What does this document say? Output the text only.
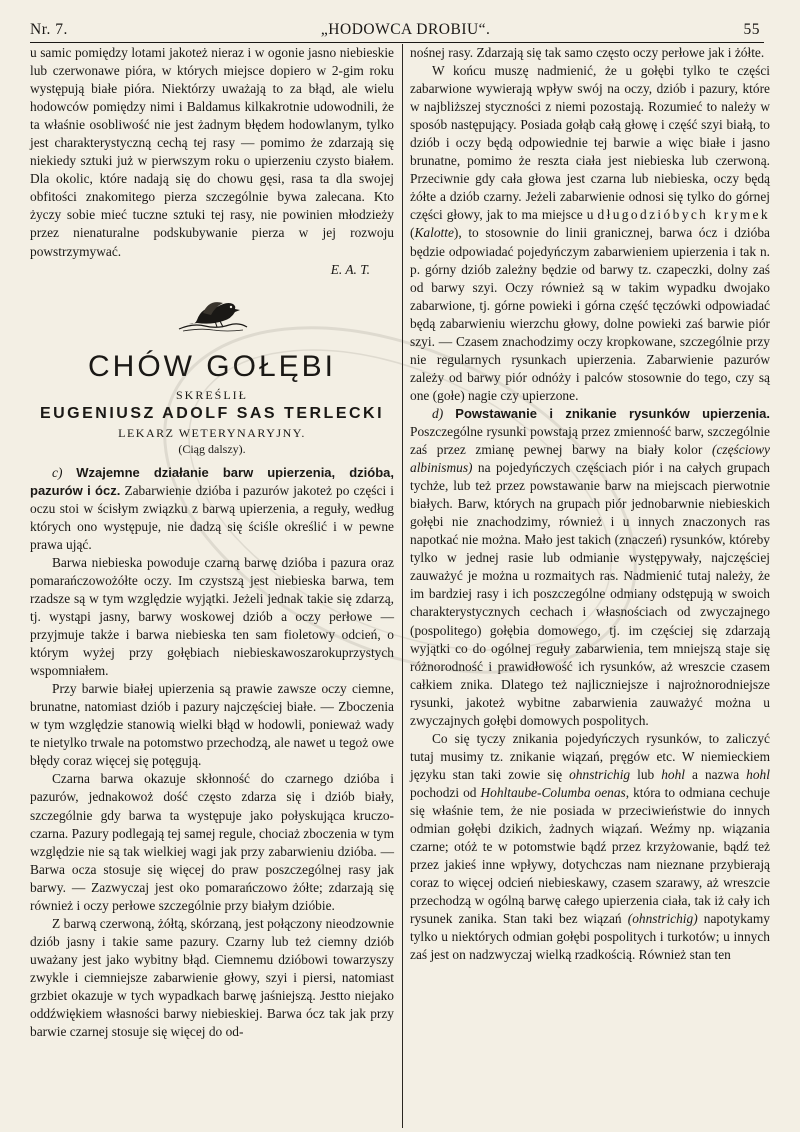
Nr. 7.	„HODOWCA DROBIU“.	55

u samic pomiędzy lotami jakotеż nieraz i w ogonie jasno niebieskie lub czerwonawe pióra, w których miejsce dopiero w 2-gim roku występują białe pióra. Niektórzy uważają to za błąd, ale wielu hodowców pomiędzy nimi i Baldamus kilkakrotnie udowodnili, że ta właśnie osobliwość nie jest żadnym błędem hodowlanym, tylko jest charakterystyczną cechą tej rasy — pomimo że zdarzają się niekiedy sztuki już w pierwszym roku o upierzeniu czysto białem. Dla okolic, które nadają się do chowu gęsi, rasa ta dla swojej obfitości znakomitego pierza szczególnie bywa zalecana. Kto życzy sobie mieć tuczne sztuki tej rasy, nie powinien młodzieży przez nienaturalne podskubywanie pierza w jej rozwoju powstrzymywać.

E. A. T.

CHÓW GOŁĘBI
SKREŚLIŁ
EUGENIUSZ ADOLF SAS TERLECKI
LEKARZ WETERYNARYJNY.
(Ciąg dalszy).

c) Wzajemne działanie barw upierzenia, dzióba, pazurów i ócz. Zabarwienie dzióba i pazurów jakotеż po części i oczu stoi w ścisłym związku z barwą upierzenia, a reguły, według których ono występuje, nie dadzą się ściśle określić i w pewne prawa ująć.

Barwa niebieska powoduje czarną barwę dzióba i pazura oraz pomarańczowożółte oczy. Im czystszą jest niebieska barwa, tem rzadsze są w tym względzie wyjątki. Jeżeli jednak takie się zdarzą, tj. wystąpi jasny, barwy woskowej dziób a oczy perłowe — przyjmuje także i barwa niebieska ten sam fioletowy odcień, o którym wyżej przy gołębiach niebieskawoszarokuprzystych wspomniałem.

Przy barwie białej upierzenia są prawie zawsze oczy ciemne, brunatne, natomiast dziób i pazury najczęściej białe. — Zboczenia w tym względzie stanowią wielki błąd w hodowli, ponieważ wady te nietylko trwale na potomstwo przechodzą, ale nawet u tegoż owe błędy coraz więcej się potęgują.

Czarna barwa okazuje skłonność do czarnego dzióba i pazurów, jednakowoż dość często zdarza się i dziób biały, szczególnie gdy barwa ta występuje jako połyskująca kruczo-czarna. Pazury podlegają tej samej regule, chociaż zboczenia w tym względzie nie są tak wielkiej wagi jak przy zabarwieniu dzióba. — Barwa ocza stosuje się więcej do praw poszczególnej rasy jak barwy. — Zazwyczaj jest oko pomarańczowo żółte; zdarzają się również i oczy perłowe szczególnie przy białym dzióbie.

Z barwą czerwoną, żółtą, skórzaną, jest połączony nieodzownie dziób jasny i takie same pazury. Czarny lub też ciemny dziób uważany jest jako wybitny błąd. Ciemnemu dzióbowi towarzyszy zwykle i ciemniejsze zabarwienie głowy, szyi i piersi, natomiast grzbiet okazuje w tych wypadkach barwę jaśniejszą. Jestto niejako oddźwiękiem własności barwy niebieskiej. Barwa ócz tak jak przy barwie czarnej stosuje się więcej do od-

nośnej rasy. Zdarzają się tak samo często oczy perłowe jak i żółte.

W końcu muszę nadmienić, że u gołębi tylko te części zabarwione wywierają wpływ swój na oczy, dziób i pazury, które w najbliższej styczności z niemi pozostają. Rozumieć to należy w sposób następujący. Posiada gołąb całą głowę i część szyi białą, to dziób i oczy będą odpowiednie tej barwie a więc białe i jasno brunatne, pomimo że reszta ciała jest niebieska lub czerwoną. Przeciwnie gdy cała głowa jest czarna lub niebieska, oczy będą żółte a dziób czarny. Jeżeli zabarwienie odnosi się tylko do górnej części głowy, jak to ma miejsce u długodzióbych krymek (Kalotte), to stosownie do linii granicznej, barwa ócz i dzióba będzie odpowiadać pojedyńczym zabarwieniem upierzenia i tak n. p. górny dziób zależny będzie od barwy tz. czapeczki, dolny zaś od barwy szyi. Oczy również są w takim wypadku dwojako zabarwione, tj. górne powieki i górna część tęczówki odpowiadać będą zabarwieniu wierzchu głowy, dolne powieki zaś barwie piór szyi. — Czasem znachodzimy oczy kropkowane, szczególnie przy nie regularnych rysunkach upierzenia. Zabarwienie pazurów zależy od barwy piór odnóży i palców stosownie do tego, czy są one (gołe) nagie czy upierzone.

d) Powstawanie i znikanie rysunków upierzenia. Poszczególne rysunki powstają przez zmienność barw, szczególnie zaś przez zmianę pewnej barwy na biały kolor (częściowy albinismus) na pojedyńczych częściach piór i na całych grupach tychże, lub też przez powstawanie barw na miejscach pierwotnie białych. Barw, których na grupach piór jednobarwnie niebieskich gołębi nie znachodzimy, również i u innych znaczonych ras napotkać nie można. Mało jest takich (znaczeń) rysunków, któreby tylko w jednej rasie lub odmianie występywały, najczęściej zauważyć je można u rozmaitych ras. Nadmienić tutaj należy, że im bardziej rasy i ich poszczególne odmiany odstępują w swoich charakterystycznych cechach i własnościach od zwyczajnego (pospolitego) gołębia domowego, tj. im częściej się zdarzają wyjątki co do ogólnej reguły zabarwienia, tem mniejszą staje się różnorodność i prawidłowość ich rysunków, aż wreszcie czasem całkiem znika. Dlatego też najliczniejsze i najrożnorodniejsze rysunki, jakotеż wybitne zabarwienia zauważyć można u zwyczajnych gołębi domowych pospolitych.

Co się tyczy znikania pojedyńczych rysunków, to zaliczyć tutaj musimy tz. znikanie wiązań, pręgów etc. W niemieckiem języku stan taki zowie się ohnstrichig lub hohl a nazwa hohl pochodzi od Hohltaube-Columba oenas, która to odmiana cechuje się właśnie tem, że nie posiada w przeciwieństwie do innych odmian gołębi dzikich, żadnych wiązań. Weźmy np. wiązania czarne; otóż te w potomstwie bądź przez krzyżowanie, bądź też przez jakieś inne wpływy, dotychczas nam nieznane przybierają coraz to więcej odcień niebieskawy, czasem szarawy, aż wreszcie przechodzą w ogólną barwę całego upierzenia ciała, tak iż cały ich rysunek zanika. Stan taki bez wiązań (ohnstrichig) napotykamy tylko u niektórych odmian gołębi pospolitych i turkotów; u innych zaś jest on nadzwyczaj wielką rzadkością. Również stan ten
